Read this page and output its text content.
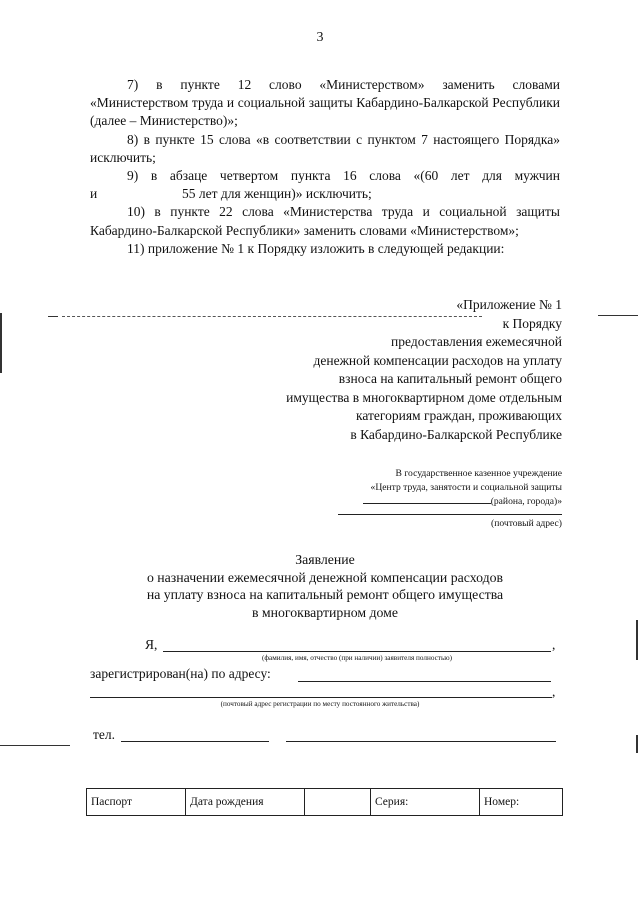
3

7) в пункте 12 слово «Министерством» заменить словами «Министерством труда и социальной защиты Кабардино-Балкарской Республики (далее – Министерство)»;

8) в пункте 15 слова «в соответствии с пунктом 7 настоящего Порядка» исключить;

9) в абзаце четвертом пункта 16 слова «(60 лет для мужчин

и	55 лет для женщин)» исключить;

10) в пункте 22 слова «Министерства труда и социальной защиты Кабардино-Балкарской Республики» заменить словами «Министерством»;

11) приложение № 1 к Порядку изложить в следующей редакции:

«Приложение № 1
к Порядку
предоставления ежемесячной
денежной компенсации расходов на уплату
взноса на капитальный ремонт общего
имущества в многоквартирном доме отдельным
категориям граждан, проживающих
в Кабардино-Балкарской Республике
В государственное казенное учреждение
«Центр труда, занятости и социальной защиты
(района, города)»
(почтовый адрес)
Заявление
о назначении ежемесячной денежной компенсации расходов
на уплату взноса на капитальный ремонт общего имущества
в многоквартирном доме
Я,	,
(фамилия, имя, отчество (при наличии) заявителя полностью)
зарегистрирован(на) по адресу:
,
(почтовый адрес регистрации по месту постоянного жительства)
тел.
Паспорт	Дата рождения		Серия:	Номер:
